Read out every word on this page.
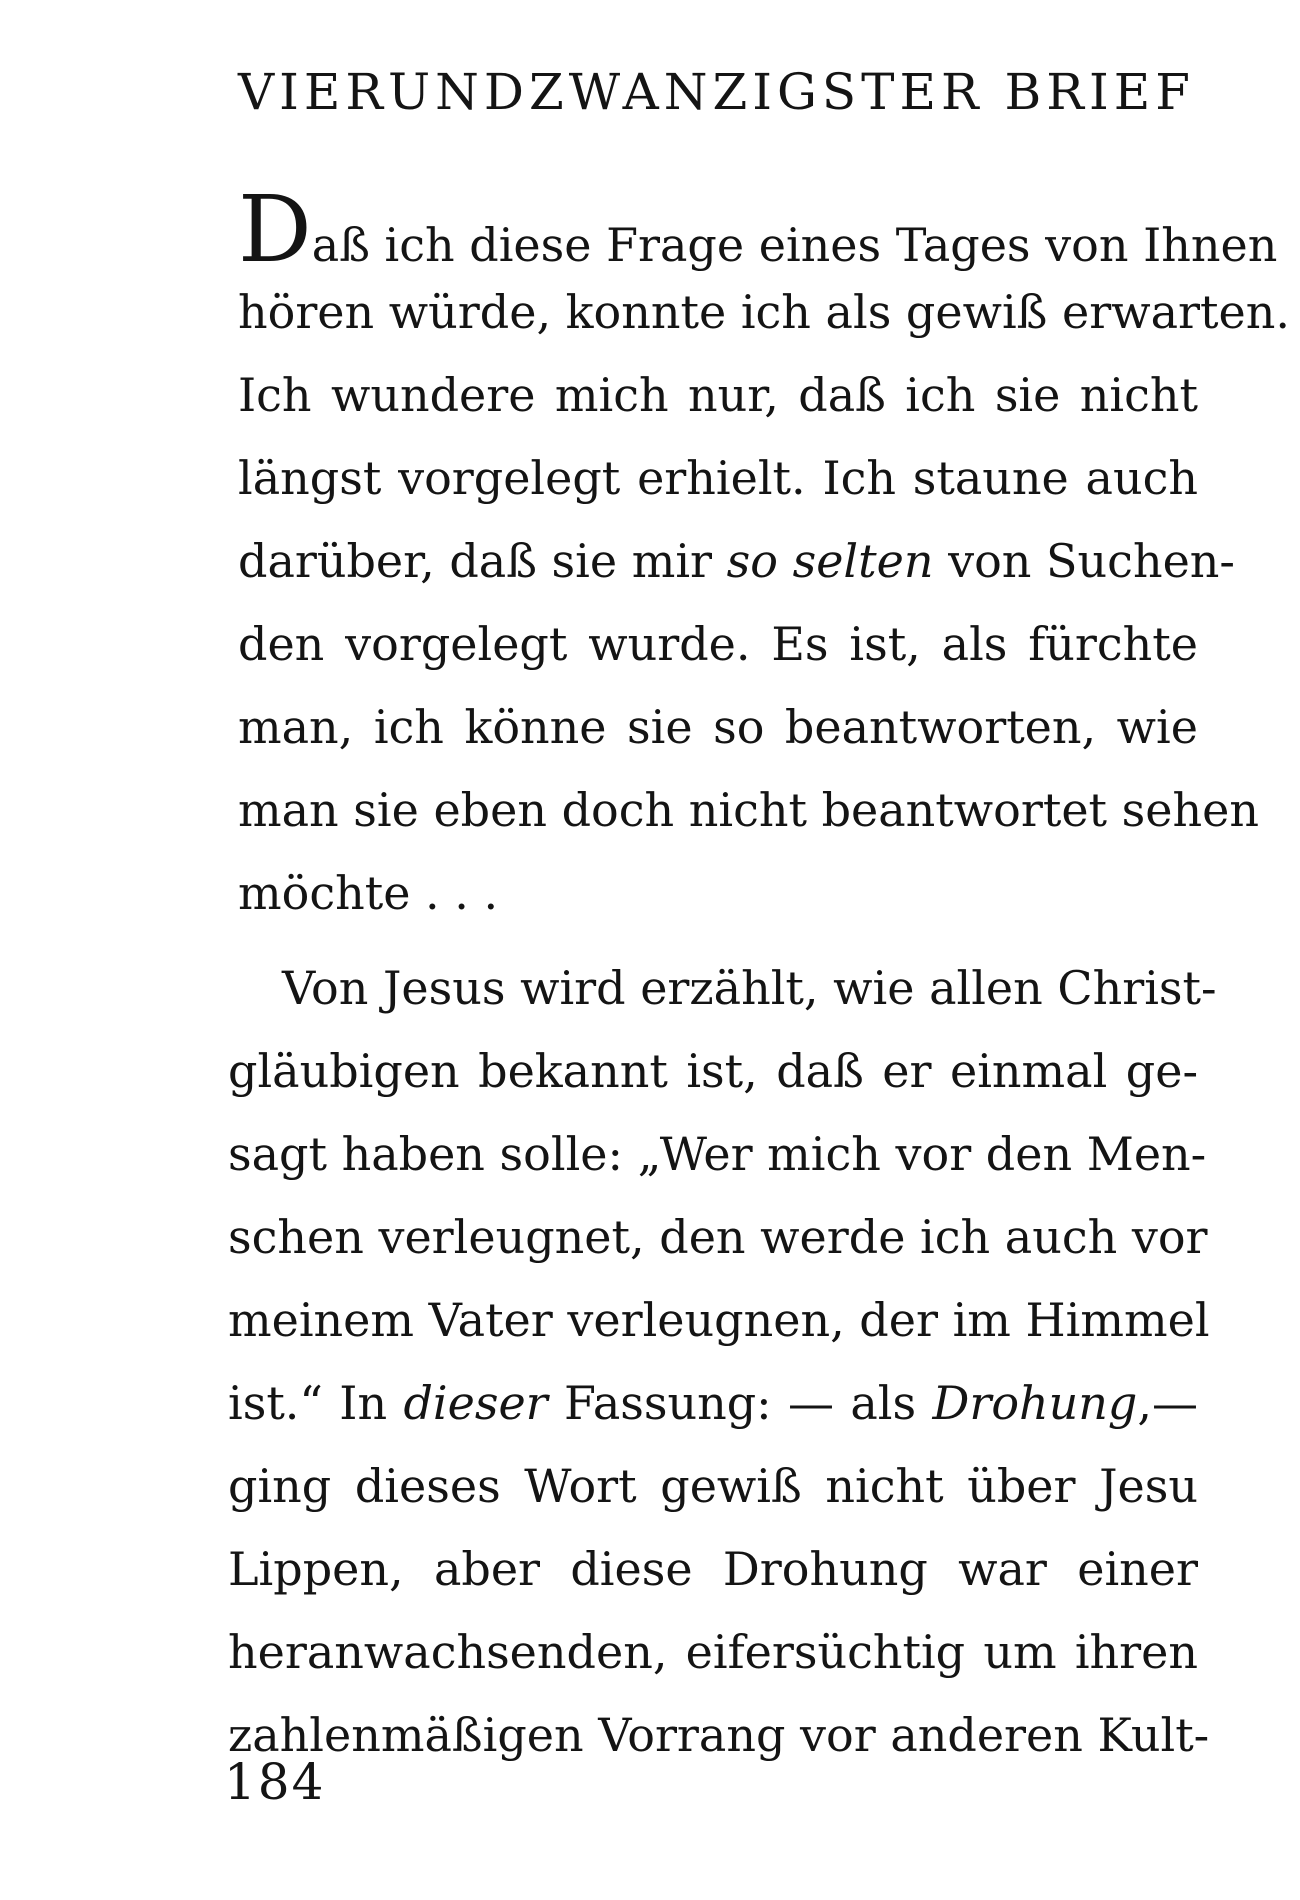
VIERUNDZWANZIGSTER BRIEF
Daß ich diese Frage eines Tages von Ihnen
hören würde, konnte ich als gewiß erwarten.
Ich wundere mich nur, daß ich sie nicht
längst vorgelegt erhielt. Ich staune auch
darüber, daß sie mir so selten von Suchen-
den vorgelegt wurde. Es ist, als fürchte
man, ich könne sie so beantworten, wie
man sie eben doch nicht beantwortet sehen
möchte . . .
Von Jesus wird erzählt, wie allen Christ-
gläubigen bekannt ist, daß er einmal ge-
sagt haben solle: „Wer mich vor den Men-
schen verleugnet, den werde ich auch vor
meinem Vater verleugnen, der im Himmel
ist.“ In dieser Fassung: — als Drohung,—
ging dieses Wort gewiß nicht über Jesu
Lippen, aber diese Drohung war einer
heranwachsenden, eifersüchtig um ihren
zahlenmäßigen Vorrang vor anderen Kult-
184
